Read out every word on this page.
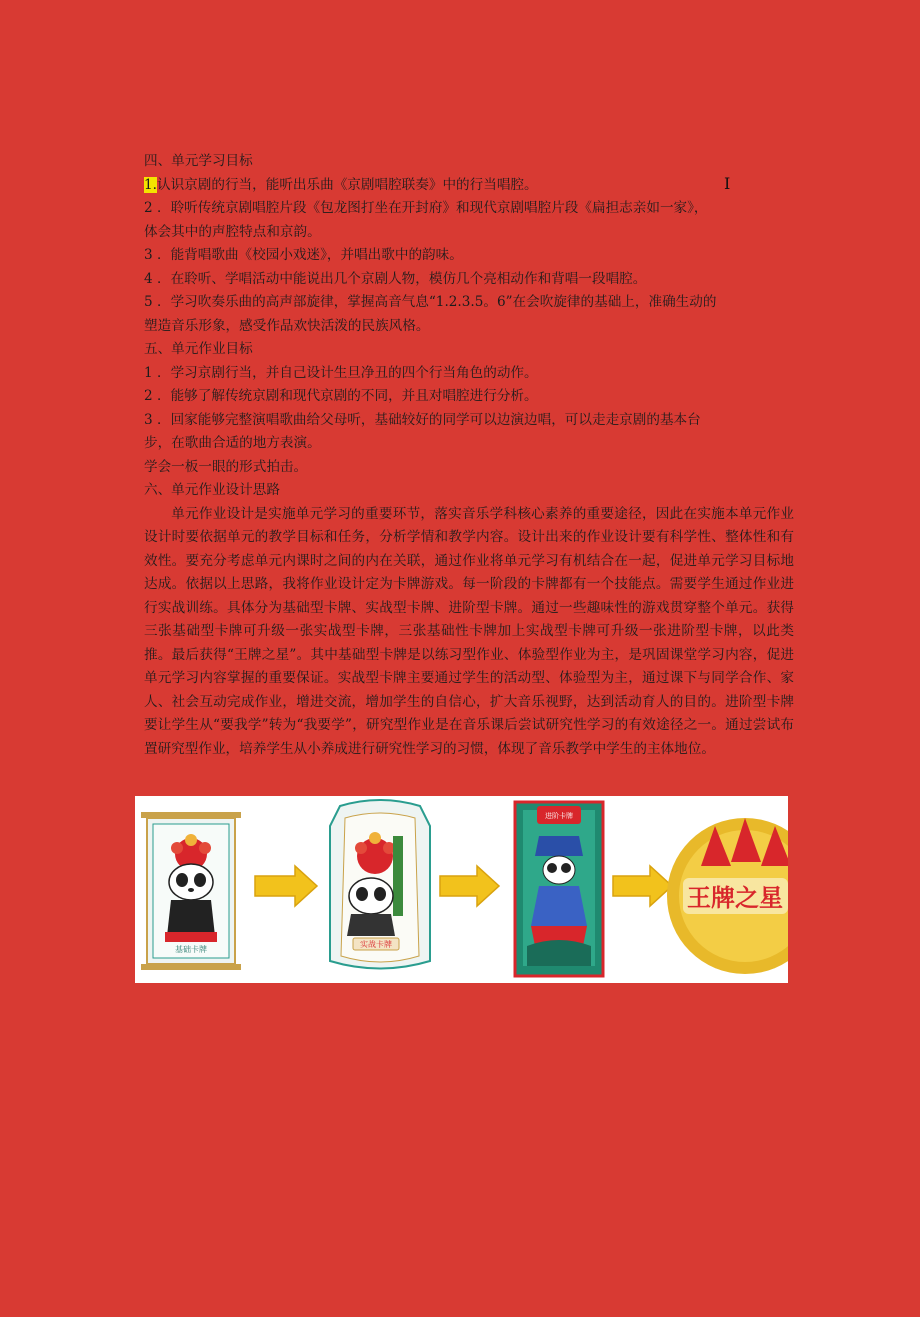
四、单元学习目标

1.认识京剧的行当，能听出乐曲《京剧唱腔联奏》中的行当唱腔。

2 ．聆听传统京剧唱腔片段《包龙图打坐在开封府》和现代京剧唱腔片段《扁担志亲如一家》，

体会其中的声腔特点和京韵。

3 ．能背唱歌曲《校园小戏迷》，并唱出歌中的韵味。

4 ．在聆听、学唱活动中能说出几个京剧人物，模仿几个亮相动作和背唱一段唱腔。

5 ．学习吹奏乐曲的高声部旋律，掌握高音气息“1.2.3.5。6”在会吹旋律的基础上，准确生动的

塑造音乐形象，感受作品欢快活泼的民族风格。

五、单元作业目标

1 ．学习京剧行当，并自己设计生旦净丑的四个行当角色的动作。

2 ．能够了解传统京剧和现代京剧的不同，并且对唱腔进行分析。

3 ．回家能够完整演唱歌曲给父母听，基础较好的同学可以边演边唱，可以走走京剧的基本台

步，在歌曲合适的地方表演。

学会一板一眼的形式拍击。

六、单元作业设计思路

单元作业设计是实施单元学习的重要环节，落实音乐学科核心素养的重要途径，因此在实施本单元作业设计时要依据单元的教学目标和任务，分析学情和教学内容。设计出来的作业设计要有科学性、整体性和有效性。要充分考虑单元内课时之间的内在关联，通过作业将单元学习有机结合在一起，促进单元学习目标地达成。依据以上思路，我将作业设计定为卡牌游戏。每一阶段的卡牌都有一个技能点。需要学生通过作业进行实战训练。具体分为基础型卡牌、实战型卡牌、进阶型卡牌。通过一些趣味性的游戏贯穿整个单元。获得三张基础型卡牌可升级一张实战型卡牌，三张基础性卡牌加上实战型卡牌可升级一张进阶型卡牌，以此类推。最后获得“王牌之星”。其中基础型卡牌是以练习型作业、体验型作业为主，是巩固课堂学习内容，促进单元学习内容掌握的重要保证。实战型卡牌主要通过学生的活动型、体验型为主，通过课下与同学合作、家人、社会互动完成作业，增进交流，增加学生的自信心，扩大音乐视野，达到活动育人的目的。进阶型卡牌要让学生从“要我学”转为“我要学”，研究型作业是在音乐课后尝试研究性学习的有效途径之一。通过尝试布置研究型作业，培养学生从小养成进行研究性学习的习惯，体现了音乐教学中学生的主体地位。

I
基础卡牌
实战卡牌
进阶卡牌
王牌之星
